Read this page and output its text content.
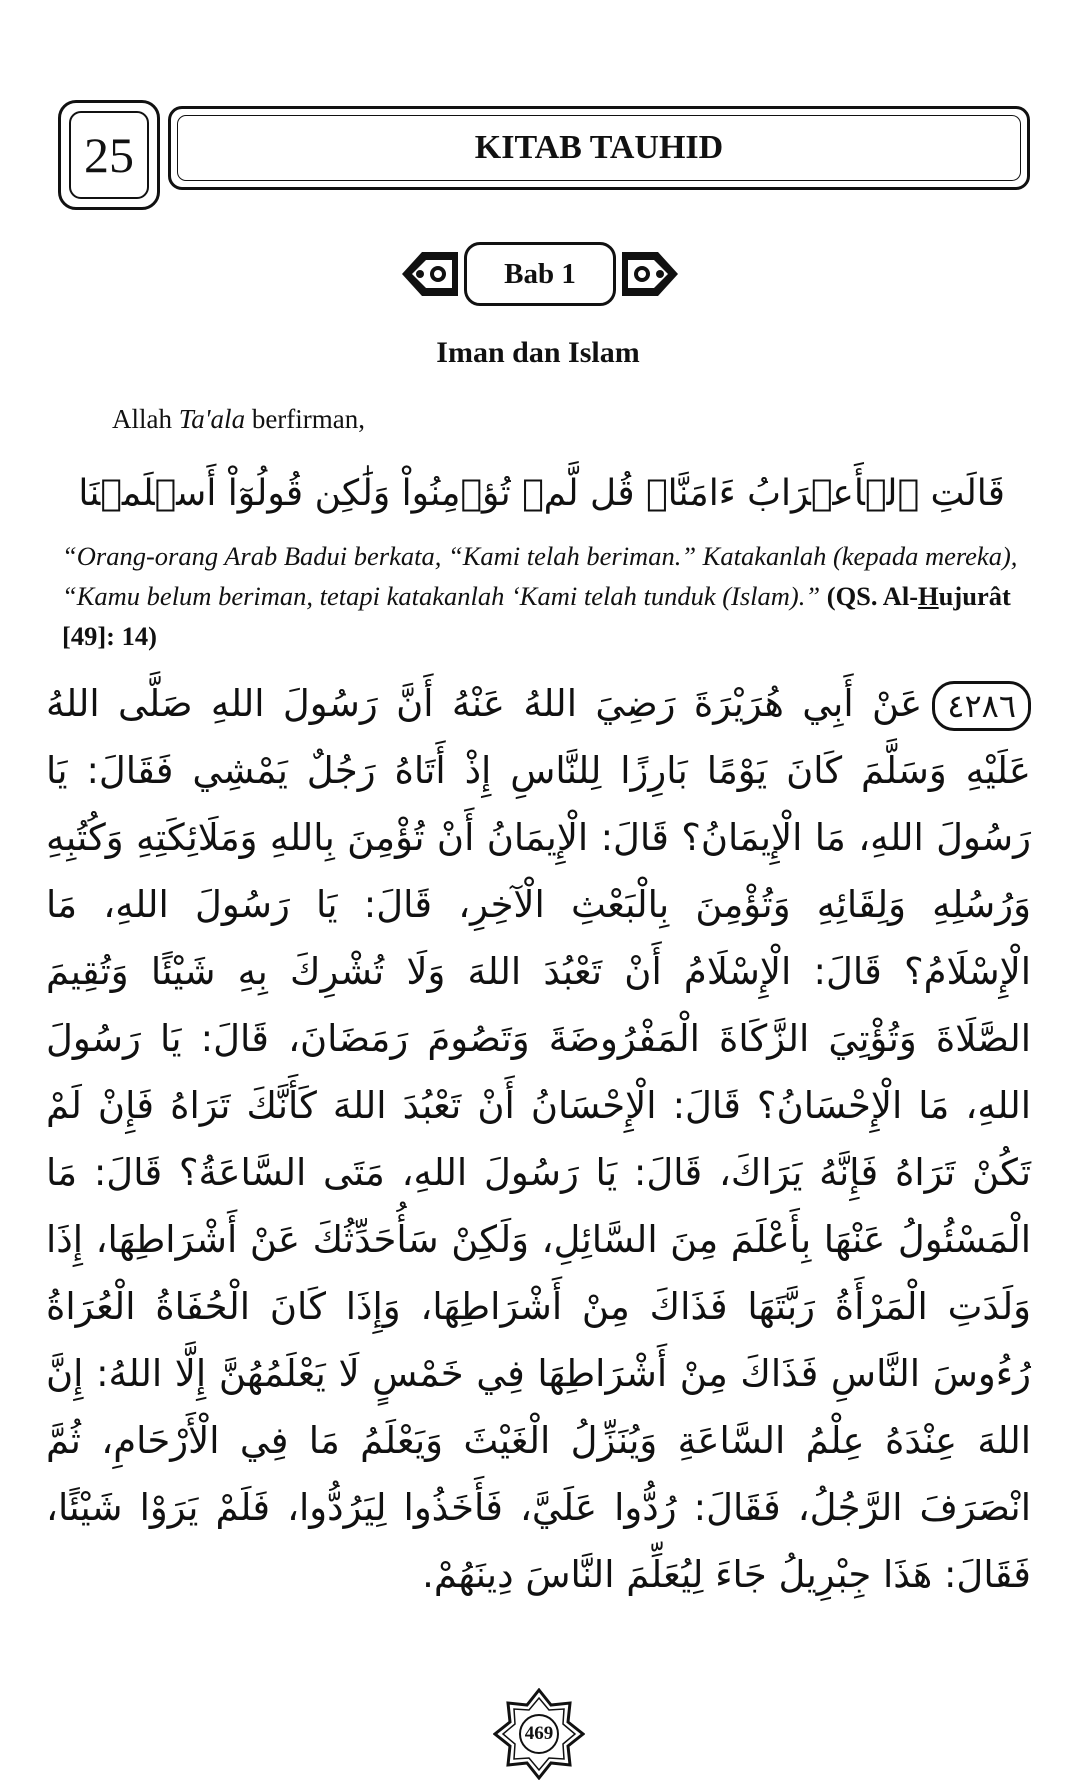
25	KITAB TAUHID
Bab 1
Iman dan Islam
Allah Ta'ala berfirman,
قَالَتِ ٱلۡأَعۡرَابُ ءَامَنَّاۖ قُل لَّمۡ تُؤۡمِنُواْ وَلَٰكِن قُولُوٓاْ أَسۡلَمۡنَا
“Orang-orang Arab Badui berkata, “Kami telah beriman.” Katakanlah (kepada mereka), “Kamu belum beriman, tetapi katakanlah ‘Kami telah tunduk (Islam).” (QS. Al-Hujurât [49]: 14)
٤٢٨٦عَنْ أَبِي هُرَيْرَةَ رَضِيَ اللهُ عَنْهُ أَنَّ رَسُولَ اللهِ صَلَّى اللهُ عَلَيْهِ وَسَلَّمَ كَانَ يَوْمًا بَارِزًا لِلنَّاسِ إِذْ أَتَاهُ رَجُلٌ يَمْشِي فَقَالَ: يَا رَسُولَ اللهِ، مَا الْإِيمَانُ؟ قَالَ: الْإِيمَانُ أَنْ تُؤْمِنَ بِاللهِ وَمَلَائِكَتِهِ وَكُتُبِهِ وَرُسُلِهِ وَلِقَائِهِ وَتُؤْمِنَ بِالْبَعْثِ الْآخِرِ، قَالَ: يَا رَسُولَ اللهِ، مَا الْإِسْلَامُ؟ قَالَ: الْإِسْلَامُ أَنْ تَعْبُدَ اللهَ وَلَا تُشْرِكَ بِهِ شَيْئًا وَتُقِيمَ الصَّلَاةَ وَتُؤْتِيَ الزَّكَاةَ الْمَفْرُوضَةَ وَتَصُومَ رَمَضَانَ، قَالَ: يَا رَسُولَ اللهِ، مَا الْإِحْسَانُ؟ قَالَ: الْإِحْسَانُ أَنْ تَعْبُدَ اللهَ كَأَنَّكَ تَرَاهُ فَإِنْ لَمْ تَكُنْ تَرَاهُ فَإِنَّهُ يَرَاكَ، قَالَ: يَا رَسُولَ اللهِ، مَتَى السَّاعَةُ؟ قَالَ: مَا الْمَسْئُولُ عَنْهَا بِأَعْلَمَ مِنَ السَّائِلِ، وَلَكِنْ سَأُحَدِّثُكَ عَنْ أَشْرَاطِهَا، إِذَا وَلَدَتِ الْمَرْأَةُ رَبَّتَهَا فَذَاكَ مِنْ أَشْرَاطِهَا، وَإِذَا كَانَ الْحُفَاةُ الْعُرَاةُ رُءُوسَ النَّاسِ فَذَاكَ مِنْ أَشْرَاطِهَا فِي خَمْسٍ لَا يَعْلَمُهُنَّ إِلَّا اللهُ: إِنَّ اللهَ عِنْدَهُ عِلْمُ السَّاعَةِ وَيُنَزِّلُ الْغَيْثَ وَيَعْلَمُ مَا فِي الْأَرْحَامِ، ثُمَّ انْصَرَفَ الرَّجُلُ، فَقَالَ: رُدُّوا عَلَيَّ، فَأَخَذُوا لِيَرُدُّوا، فَلَمْ يَرَوْا شَيْئًا، فَقَالَ: هَذَا جِبْرِيلُ جَاءَ لِيُعَلِّمَ النَّاسَ دِينَهُمْ.
469
